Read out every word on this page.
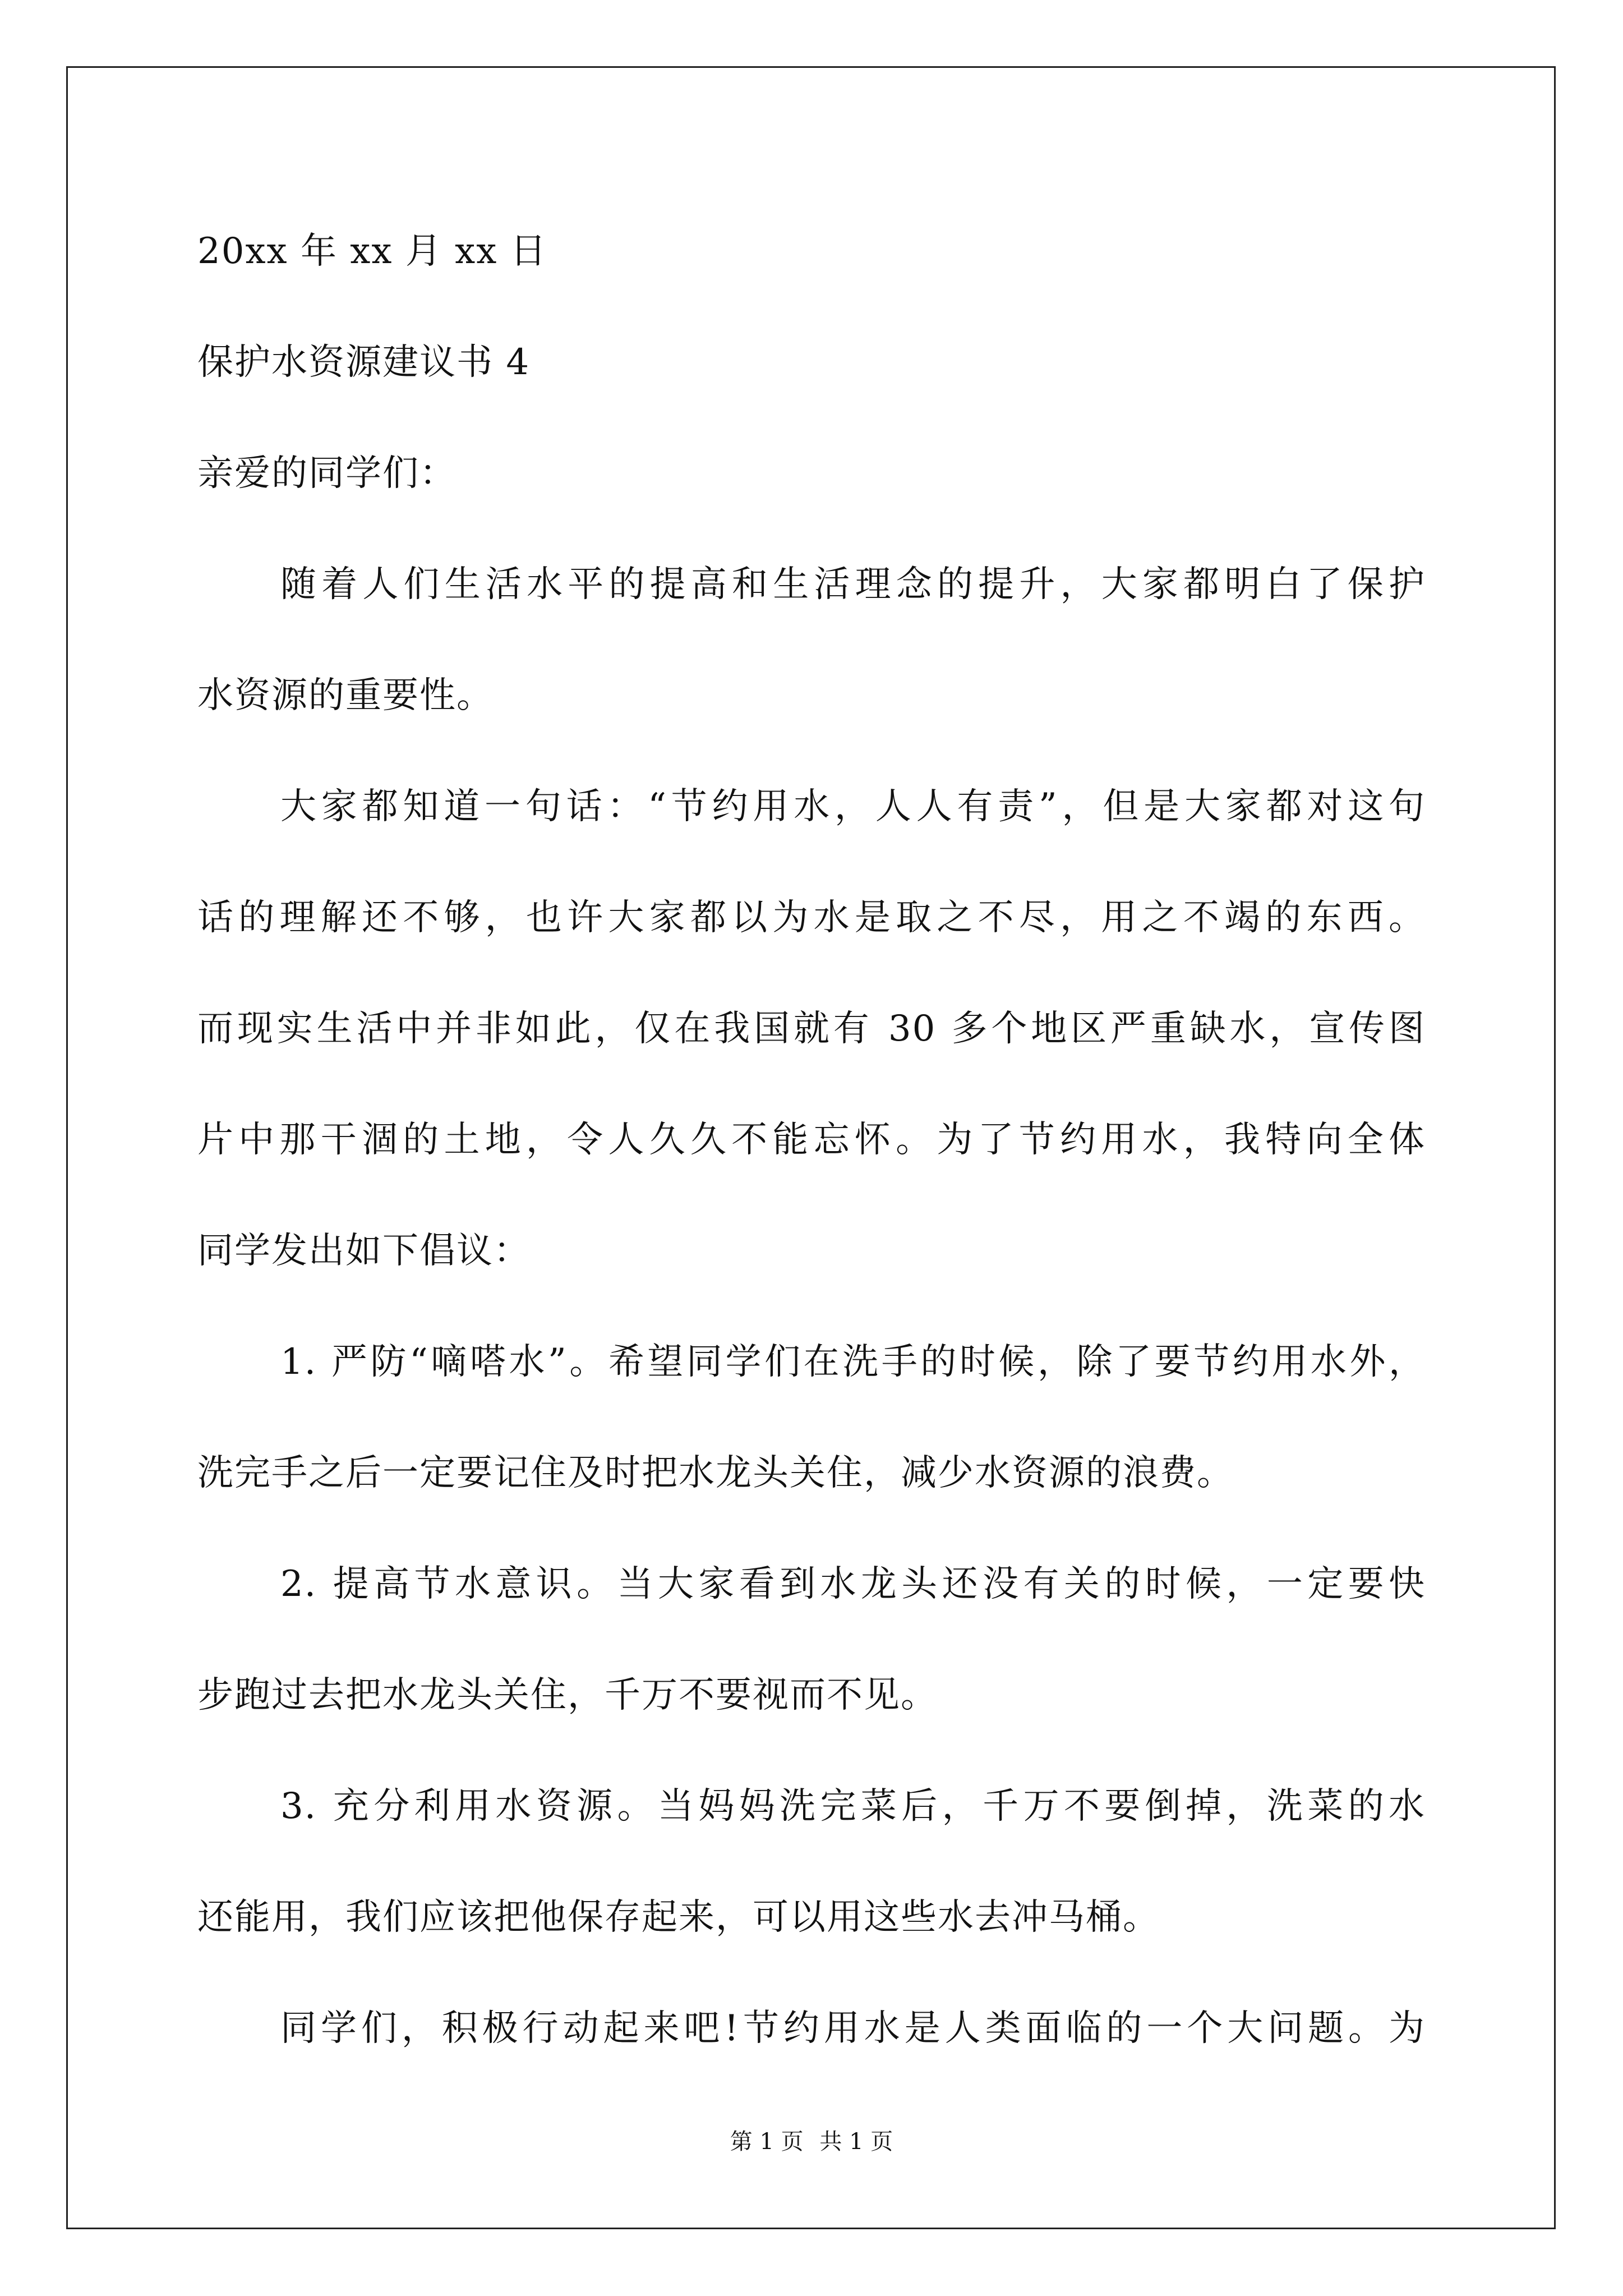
20xx 年 xx 月 xx 日
保护水资源建议书 4
亲爱的同学们：
随着人们生活水平的提高和生活理念的提升，大家都明白了保护
水资源的重要性。
大家都知道一句话：“节约用水，人人有责”，但是大家都对这句
话的理解还不够，也许大家都以为水是取之不尽，用之不竭的东西。
而现实生活中并非如此，仅在我国就有 30 多个地区严重缺水，宣传图
片中那干涸的土地，令人久久不能忘怀。为了节约用水，我特向全体
同学发出如下倡议：
1. 严防“嘀嗒水”。希望同学们在洗手的时候，除了要节约用水外，
洗完手之后一定要记住及时把水龙头关住，减少水资源的浪费。
2. 提高节水意识。当大家看到水龙头还没有关的时候，一定要快
步跑过去把水龙头关住，千万不要视而不见。
3. 充分利用水资源。当妈妈洗完菜后，千万不要倒掉，洗菜的水
还能用，我们应该把他保存起来，可以用这些水去冲马桶。
同学们，积极行动起来吧!节约用水是人类面临的一个大问题。为
第 1 页 共 1 页
